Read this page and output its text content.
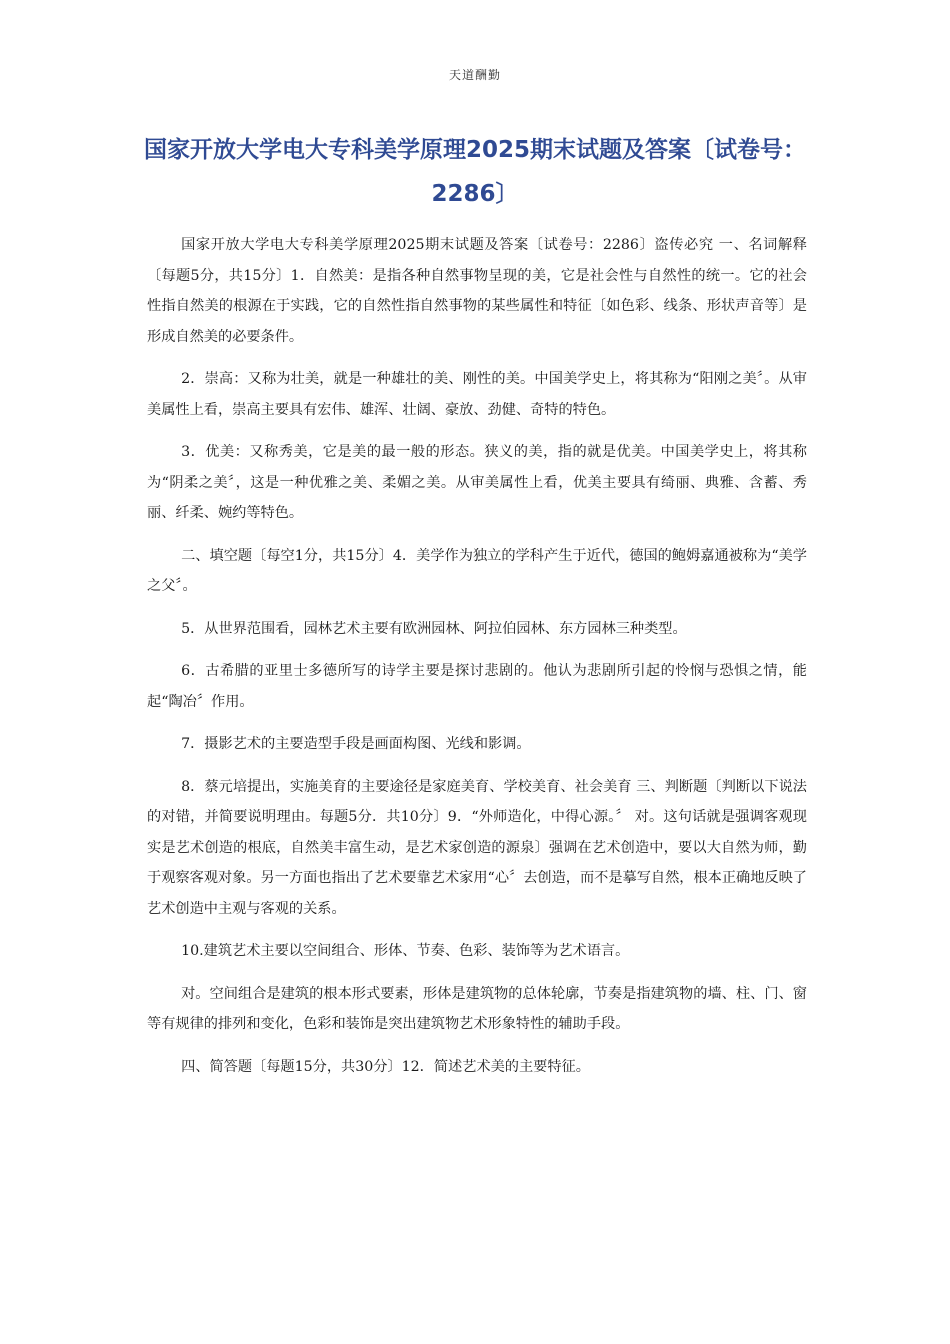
天道酬勤
国家开放大学电大专科美学原理2025期末试题及答案〔试卷号：2286〕

国家开放大学电大专科美学原理2025期末试题及答案〔试卷号：2286〕盗传必究 一、名词解释〔每题5分，共15分〕1．自然美：是指各种自然事物呈现的美，它是社会性与自然性的统一。它的社会性指自然美的根源在于实践，它的自然性指自然事物的某些属性和特征〔如色彩、线条、形状声音等〕是形成自然美的必要条件。

2．崇高：又称为壮美，就是一种雄壮的美、刚性的美。中国美学史上，将其称为“阳刚之美〞。从审美属性上看，崇高主要具有宏伟、雄浑、壮阔、豪放、劲健、奇特的特色。

3．优美：又称秀美，它是美的最一般的形态。狭义的美，指的就是优美。中国美学史上，将其称为“阴柔之美〞，这是一种优雅之美、柔媚之美。从审美属性上看，优美主要具有绮丽、典雅、含蓄、秀丽、纤柔、婉约等特色。

二、填空题〔每空1分，共15分〕4．美学作为独立的学科产生于近代，德国的鲍姆嘉通被称为“美学之父〞。

5．从世界范围看，园林艺术主要有欧洲园林、阿拉伯园林、东方园林三种类型。

6．古希腊的亚里士多德所写的诗学主要是探讨悲剧的。他认为悲剧所引起的怜悯与恐惧之情，能起“陶冶〞作用。

7．摄影艺术的主要造型手段是画面构图、光线和影调。

8．蔡元培提出，实施美育的主要途径是家庭美育、学校美育、社会美育 三、判断题〔判断以下说法的对错，并简要说明理由。每题5分．共10分〕9．“外师造化，中得心源。〞 对。这句话就是强调客观现实是艺术创造的根底，自然美丰富生动，是艺术家创造的源泉〕强调在艺术创造中，要以大自然为师，勤于观察客观对象。另一方面也指出了艺术要靠艺术家用“心〞去创造，而不是摹写自然，根本正确地反映了艺术创造中主观与客观的关系。

10.建筑艺术主要以空间组合、形体、节奏、色彩、装饰等为艺术语言。

对。空间组合是建筑的根本形式要素，形体是建筑物的总体轮廓，节奏是指建筑物的墙、柱、门、窗等有规律的排列和变化，色彩和装饰是突出建筑物艺术形象特性的辅助手段。

四、简答题〔每题15分，共30分〕12．简述艺术美的主要特征。
